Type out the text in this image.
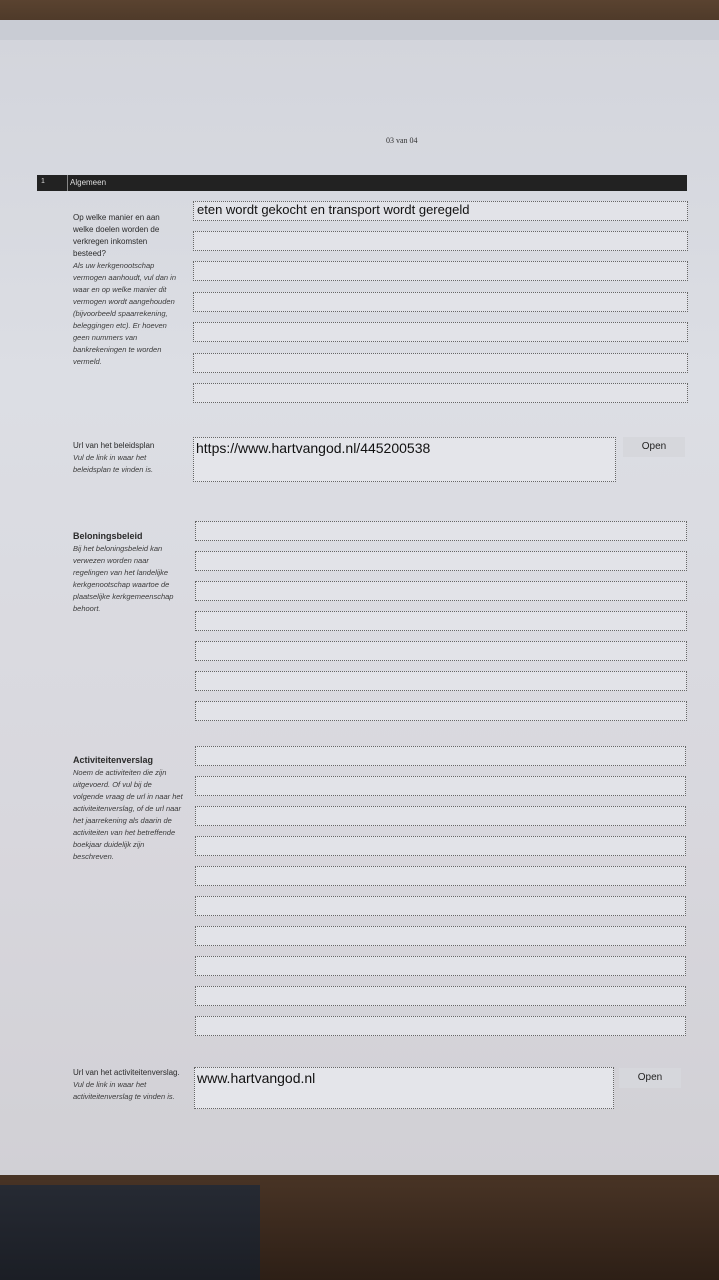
03 van 04
1	Algemeen
Op welke manier en aan welke doelen worden de verkregen inkomsten besteed?
Als uw kerkgenootschap vermogen aanhoudt, vul dan in waar en op welke manier dit vermogen wordt aangehouden (bijvoorbeeld spaarrekening, beleggingen etc). Er hoeven geen nummers van bankrekeningen te worden vermeld.
eten wordt gekocht en transport wordt geregeld
Url van het beleidsplan
Vul de link in waar het beleidsplan te vinden is.
https://www.hartvangod.nl/445200538	Open
Beloningsbeleid
Bij het beloningsbeleid kan verwezen worden naar regelingen van het landelijke kerkgenootschap waartoe de plaatselijke kerkgemeenschap behoort.
Activiteitenverslag
Noem de activiteiten die zijn uitgevoerd. Of vul bij de volgende vraag de url in naar het activiteitenverslag, of de url naar het jaarrekening als daarin de activiteiten van het betreffende boekjaar duidelijk zijn beschreven.
Url van het activiteitenverslag.
Vul de link in waar het activiteitenverslag te vinden is.
www.hartvangod.nl	Open
